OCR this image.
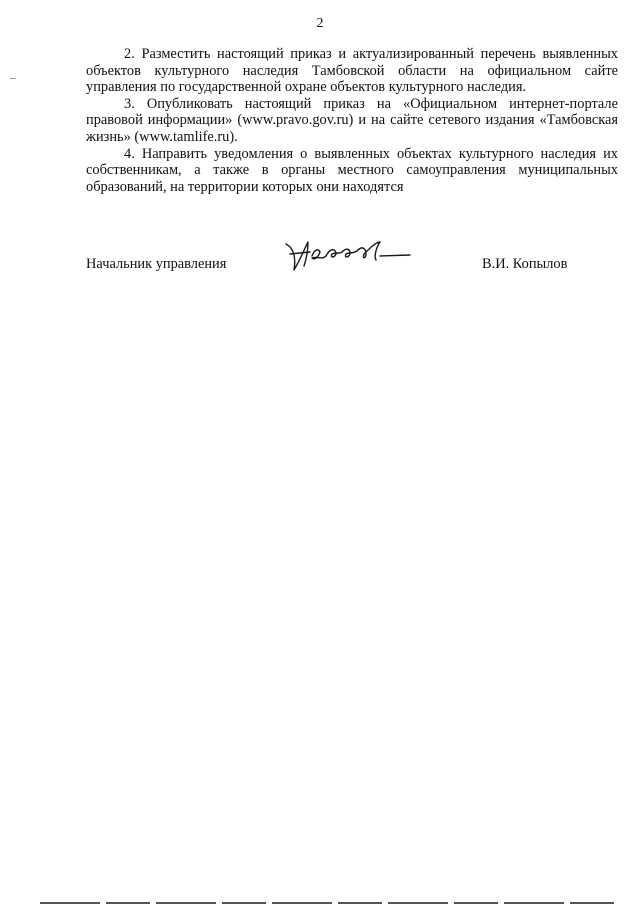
2

2. Разместить настоящий приказ и актуализированный перечень выявленных объектов культурного наследия Тамбовской области на официальном сайте управления по государственной охране объектов культурного наследия.

3. Опубликовать настоящий приказ на «Официальном интернет-портале правовой информации» (www.pravo.gov.ru) и на сайте сетевого издания «Тамбовская жизнь» (www.tamlife.ru).

4. Направить уведомления о выявленных объектах культурного наследия их собственникам, а также в органы местного самоуправления муниципальных образований, на территории которых они находятся

Начальник управления	В.И. Копылов
